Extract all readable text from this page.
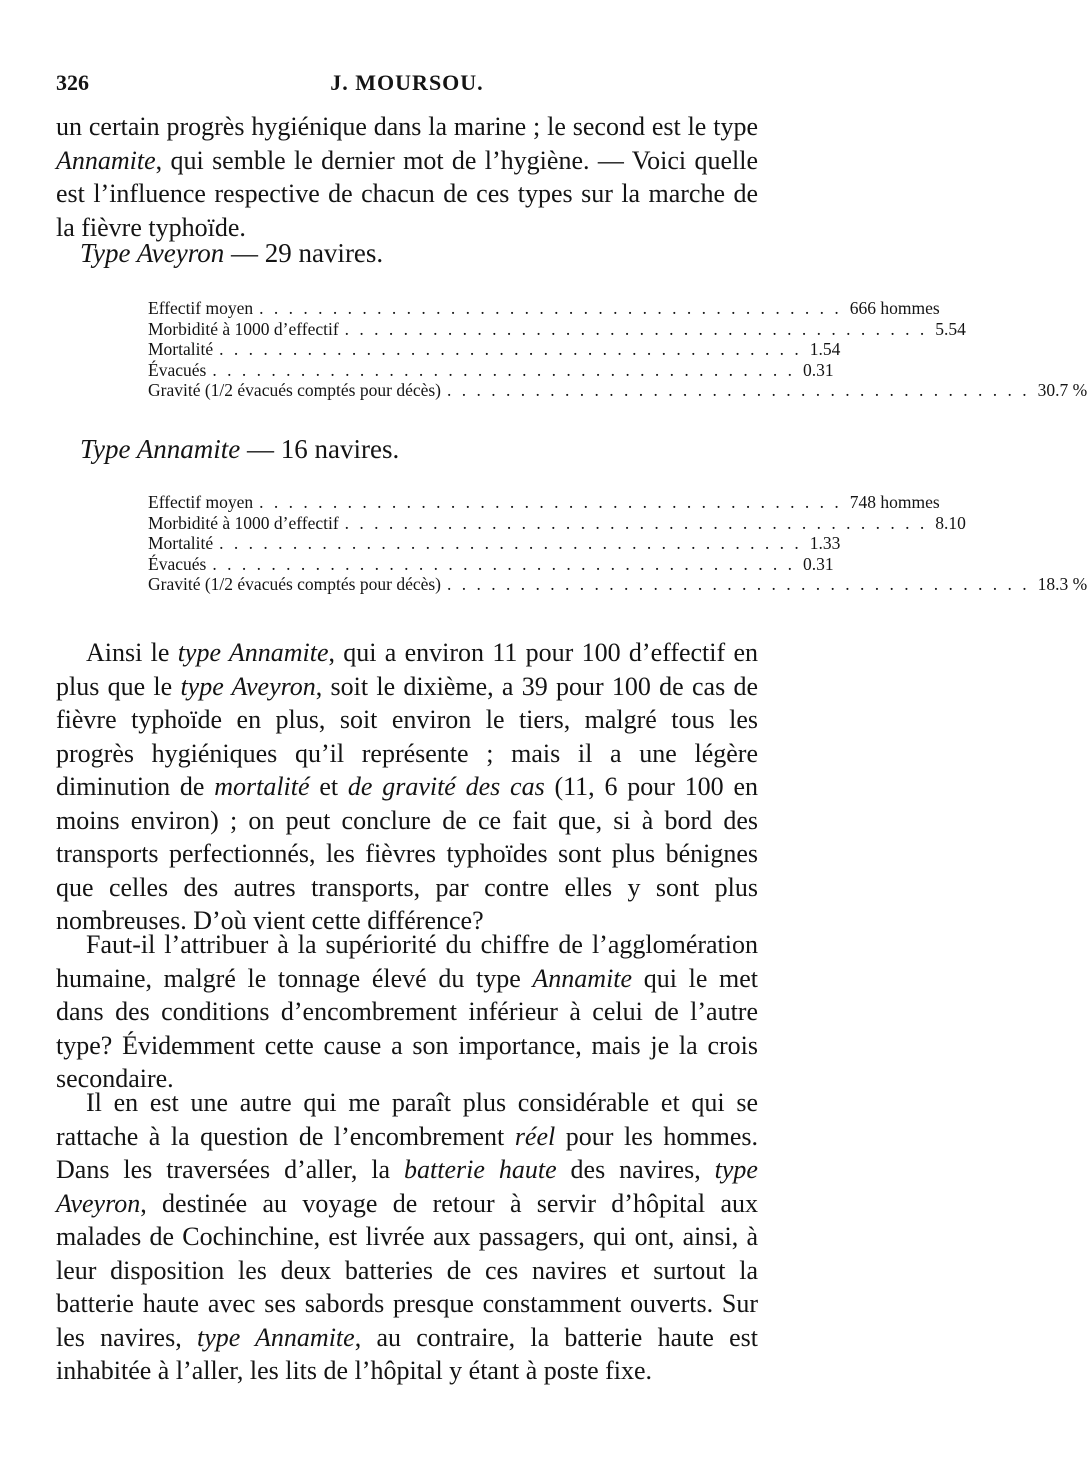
326	J. MOURSOU.

un certain progrès hygiénique dans la marine ; le second est le type Annamite, qui semble le dernier mot de l’hygiène. — Voici quelle est l’influence respective de chacun de ces types sur la marche de la fièvre typhoïde.

Type Aveyron — 29 navires.
Effectif moyen . . . . . . . . . . . . . . . . . . . . . . . . . . . . . . . . . . . . . . . . 666 hommes
Morbidité à 1000 d’effectif . . . . . . . . . . . . . . . . . . . . . . . . . . . . . . . . . . . . . . . . 5.54
Mortalité . . . . . . . . . . . . . . . . . . . . . . . . . . . . . . . . . . . . . . . . 1.54
Évacués . . . . . . . . . . . . . . . . . . . . . . . . . . . . . . . . . . . . . . . . 0.31
Gravité (1/2 évacués comptés pour décès) . . . . . . . . . . . . . . . . . . . . . . . . . . . . . . . . . . . . . . . . 30.7 %
Type Annamite — 16 navires.
Effectif moyen . . . . . . . . . . . . . . . . . . . . . . . . . . . . . . . . . . . . . . . . 748 hommes
Morbidité à 1000 d’effectif . . . . . . . . . . . . . . . . . . . . . . . . . . . . . . . . . . . . . . . . 8.10
Mortalité . . . . . . . . . . . . . . . . . . . . . . . . . . . . . . . . . . . . . . . . 1.33
Évacués . . . . . . . . . . . . . . . . . . . . . . . . . . . . . . . . . . . . . . . . 0.31
Gravité (1/2 évacués comptés pour décès) . . . . . . . . . . . . . . . . . . . . . . . . . . . . . . . . . . . . . . . . 18.3 %

Ainsi le type Annamite, qui a environ 11 pour 100 d’effectif en plus que le type Aveyron, soit le dixième, a 39 pour 100 de cas de fièvre typhoïde en plus, soit environ le tiers, malgré tous les progrès hygiéniques qu’il représente ; mais il a une légère diminution de mortalité et de gravité des cas (11, 6 pour 100 en moins environ) ; on peut conclure de ce fait que, si à bord des transports perfectionnés, les fièvres typhoïdes sont plus bénignes que celles des autres transports, par contre elles y sont plus nombreuses. D’où vient cette différence?

Faut-il l’attribuer à la supériorité du chiffre de l’agglomération humaine, malgré le tonnage élevé du type Annamite qui le met dans des conditions d’encombrement inférieur à celui de l’autre type? Évidemment cette cause a son importance, mais je la crois secondaire.

Il en est une autre qui me paraît plus considérable et qui se rattache à la question de l’encombrement réel pour les hommes. Dans les traversées d’aller, la batterie haute des navires, type Aveyron, destinée au voyage de retour à servir d’hôpital aux malades de Cochinchine, est livrée aux passagers, qui ont, ainsi, à leur disposition les deux batteries de ces navires et surtout la batterie haute avec ses sabords presque constamment ouverts. Sur les navires, type Annamite, au contraire, la batterie haute est inhabitée à l’aller, les lits de l’hôpital y étant à poste fixe.
